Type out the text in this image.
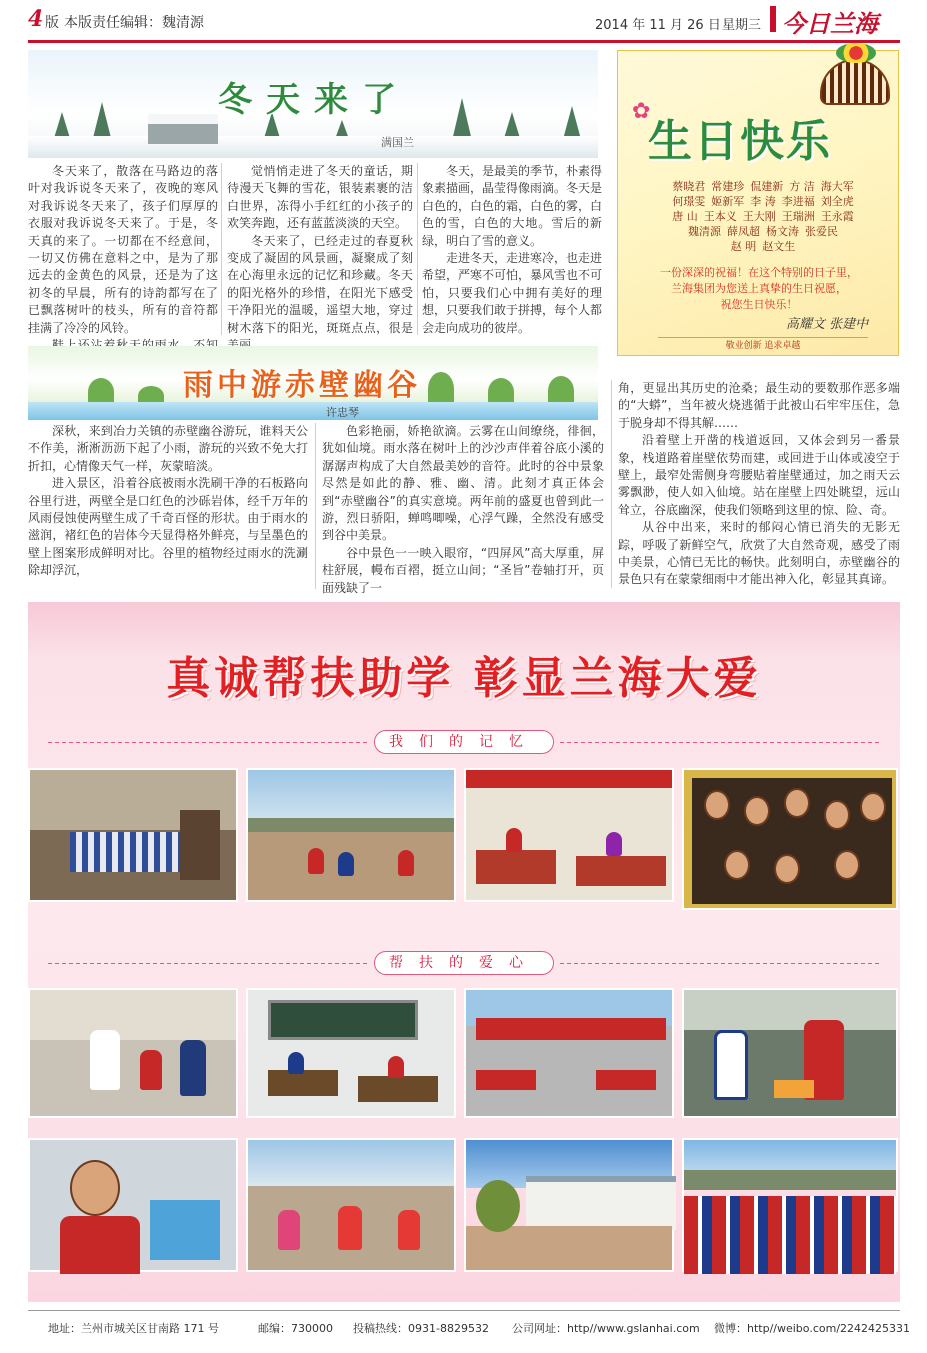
4 版 本版责任编辑：魏清源	2014 年 11 月 26 日 星期三 今日兰海
冬天来了
满国兰

冬天来了，散落在马路边的落叶对我诉说冬天来了，夜晚的寒风对我诉说冬天来了，孩子们厚厚的衣服对我诉说冬天来了。于是，冬天真的来了。一切都在不经意间，一切又仿佛在意料之中，是为了那远去的金黄色的风景，还是为了这初冬的早晨，所有的诗韵都写在了已飘落树叶的枝头，所有的音符都挂满了冷冷的风铃。

觉悄悄走进了冬天的童话，期待漫天飞舞的雪花，银装素裹的洁白世界，冻得小手红红的小孩子的欢笑奔跑，还有蓝蓝淡淡的天空。

冬天来了，已经走过的春夏秋变成了凝固的风景画，凝聚成了刻在心海里永远的记忆和珍藏。冬天的阳光格外的珍惜，在阳光下感受干净阳光的温暖，遥望大地，穿过树木落下的阳光，斑斑点点，很是

冬天，是最美的季节，朴素得象素描画，晶莹得像雨滴。冬天是白色的，白色的霜，白色的雾，白色的雪，白色的大地。雪后的新绿，明白了雪的意义。

走进冬天，走进寒冷，也走进希望，严寒不可怕，暴风雪也不可怕，只要我们心中拥有美好的理想，只要我们敢于拼搏，每个人都会走向成功的彼岸。

✿
生日快乐
蔡晓君 常建珍 侃建新 方 洁 海大军
何璟雯 姬新军 李 涛 李进福 刘全虎
唐 山 王本义 王大刚 王瑞洲 王永霞
魏清源 薛凤超 杨文涛 张爱民
赵 明 赵文生
一份深深的祝福！在这个特别的日子里，
兰海集团为您送上真挚的生日祝愿，
祝您生日快乐！
高耀文 张建中
敬业创新 追求卓越
雨中游赤壁幽谷
许忠琴

深秋，来到冶力关镇的赤壁幽谷游玩，谁料天公不作美，淅淅沥沥下起了小雨，游玩的兴致不免大打折扣，心情像天气一样，灰蒙暗淡。

进入景区，沿着谷底被雨水洗刷干净的石板路向谷里行进，两壁全是口红色的沙砾岩体，经千万年的风雨侵蚀使两壁生成了千奇百怪的形状。由于雨水的滋润，褚红色的岩体今天显得格外鲜亮，与呈墨色的壁上图案形成鲜明对比。谷里的植物经过雨水的洗涮除却浮沉，

色彩艳丽，娇艳欲滴。云雾在山间缭绕，徘徊，犹如仙境。雨水落在树叶上的沙沙声伴着谷底小溪的潺潺声构成了大自然最美妙的音符。此时的谷中景象尽然是如此的静、雅、幽、清。此刻才真正体会到“赤壁幽谷”的真实意境。两年前的盛夏也曾到此一游，烈日骄阳，蝉鸣唧噪，心浮气躁，全然没有感受到谷中美景。

谷中景色一一映入眼帘，“四屏风”高大厚重，屏柱舒展，幔布百褶，挺立山间；“圣旨”卷轴打开，页面残缺了一

角，更显出其历史的沧桑；最生动的要数那作恶多端的“大蟒”，当年被火烧逃循于此被山石牢牢压住，急于脱身却不得其解……

沿着壁上开凿的栈道返回，又体会到另一番景象，栈道路着崖壁依势而建，或回进于山体或凌空于壁上，最窄处需侧身弯腰贴着崖壁通过，加之雨天云雾飘渺，使人如入仙境。站在崖壁上四处眺望，远山耸立，谷底幽深，使我们领略到这里的惊、险、奇。

从谷中出来，来时的郁闷心情已消失的无影无踪，呼吸了新鲜空气，欣赏了大自然奇观，感受了雨中美景，心情已无比的畅快。此刻明白，赤壁幽谷的景色只有在蒙蒙细雨中才能出神入化，彰显其真谛。

真诚帮扶助学 彰显兰海大爱
我们的记忆
帮扶的爱心
地址：兰州市城关区甘南路 171 号	邮编：730000 投稿热线：0931-8829532 公司网址：http//www.gslanhai.com 微博：http//weibo.com/2242425331
